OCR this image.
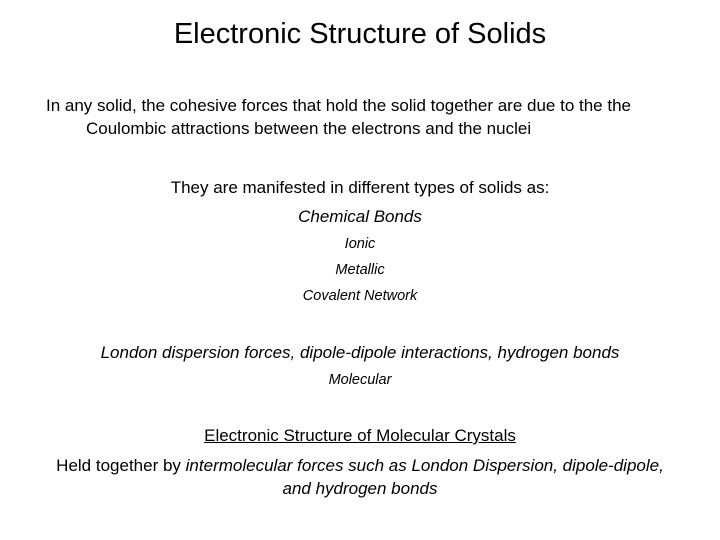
Electronic Structure of Solids
In any solid, the cohesive forces that hold the solid together are due to the the Coulombic attractions between the electrons and the nuclei
They are manifested in different types of solids as:
Chemical Bonds
Ionic
Metallic
Covalent Network
London dispersion forces, dipole-dipole interactions, hydrogen bonds
Molecular
Electronic Structure of Molecular Crystals
Held together by intermolecular forces such as London Dispersion, dipole-dipole, and hydrogen bonds
